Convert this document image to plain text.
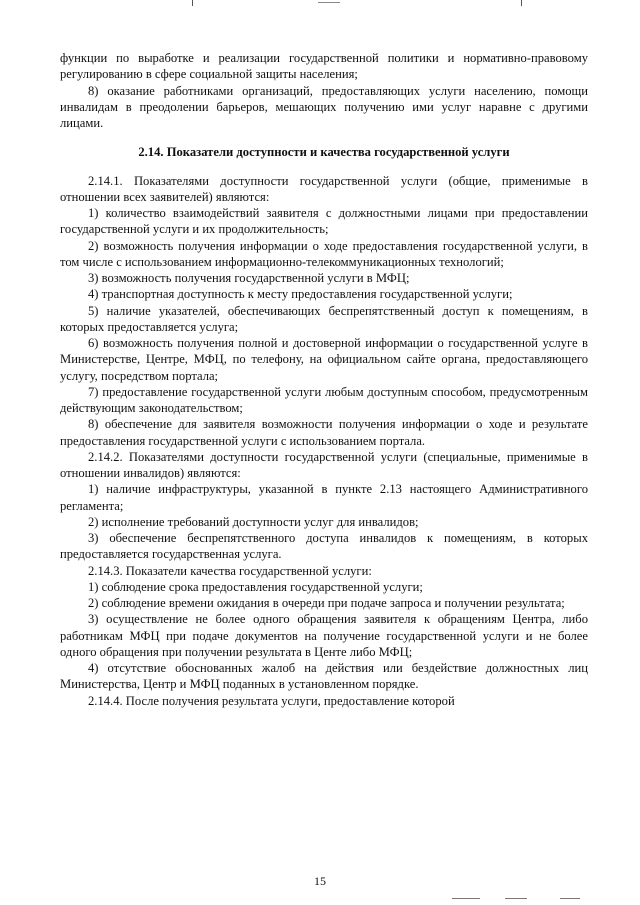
функции по выработке и реализации государственной политики и нормативно-правовому регулированию в сфере социальной защиты населения;

8) оказание работниками организаций, предоставляющих услуги населению, помощи инвалидам в преодолении барьеров, мешающих получению ими услуг наравне с другими лицами.

2.14. Показатели доступности и качества государственной услуги

2.14.1. Показателями доступности государственной услуги (общие, применимые в отношении всех заявителей) являются:

1) количество взаимодействий заявителя с должностными лицами при предоставлении государственной услуги и их продолжительность;

2) возможность получения информации о ходе предоставления государственной услуги, в том числе с использованием информационно-телекоммуникационных технологий;

3) возможность получения государственной услуги в МФЦ;

4) транспортная доступность к месту предоставления государственной услуги;

5) наличие указателей, обеспечивающих беспрепятственный доступ к помещениям, в которых предоставляется услуга;

6) возможность получения полной и достоверной информации о государственной услуге в Министерстве, Центре, МФЦ, по телефону, на официальном сайте органа, предоставляющего услугу, посредством портала;

7) предоставление государственной услуги любым доступным способом, предусмотренным действующим законодательством;

8) обеспечение для заявителя возможности получения информации о ходе и результате предоставления государственной услуги с использованием портала.

2.14.2. Показателями доступности государственной услуги (специальные, применимые в отношении инвалидов) являются:

1) наличие инфраструктуры, указанной в пункте 2.13 настоящего Административного регламента;

2) исполнение требований доступности услуг для инвалидов;

3) обеспечение беспрепятственного доступа инвалидов к помещениям, в которых предоставляется государственная услуга.

2.14.3. Показатели качества государственной услуги:

1) соблюдение срока предоставления государственной услуги;

2) соблюдение времени ожидания в очереди при подаче запроса и получении результата;

3) осуществление не более одного обращения заявителя к обращениям Центра, либо работникам МФЦ при подаче документов на получение государственной услуги и не более одного обращения при получении результата в Центе либо МФЦ;

4) отсутствие обоснованных жалоб на действия или бездействие должностных лиц Министерства, Центр и МФЦ поданных в установленном порядке.

2.14.4. После получения результата услуги, предоставление которой

15
